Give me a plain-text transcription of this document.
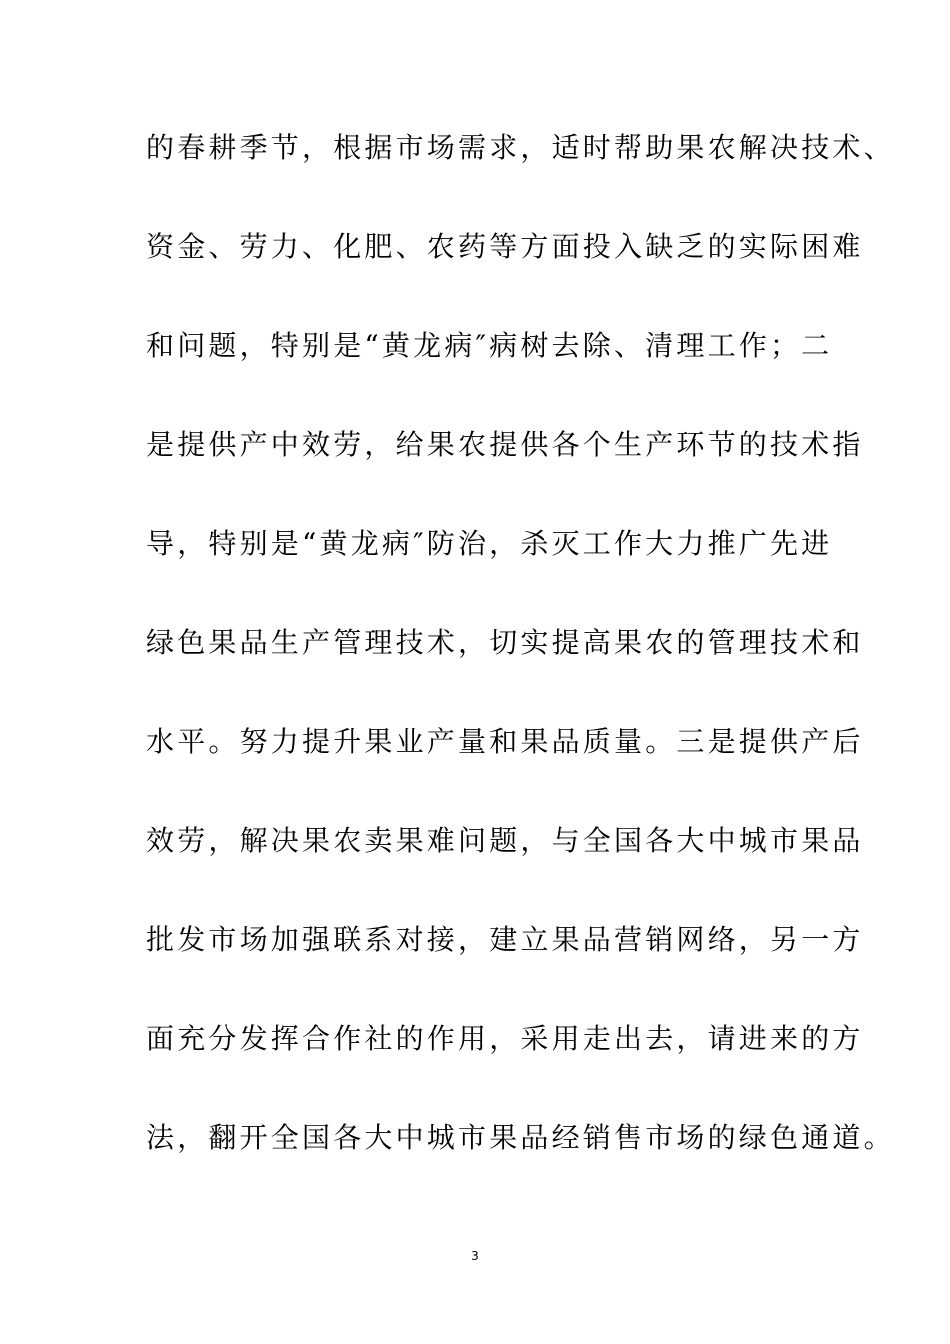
的春耕季节，根据市场需求，适时帮助果农解决技术、
资金、劳力、化肥、农药等方面投入缺乏的实际困难
和问题，特别是“黄龙病″病树去除、清理工作；二
是提供产中效劳，给果农提供各个生产环节的技术指
导，特别是“黄龙病″防治，杀灭工作大力推广先进
绿色果品生产管理技术，切实提高果农的管理技术和
水平。努力提升果业产量和果品质量。三是提供产后
效劳，解决果农卖果难问题，与全国各大中城市果品
批发市场加强联系对接，建立果品营销网络，另一方
面充分发挥合作社的作用，采用走出去，请进来的方
法，翻开全国各大中城市果品经销售市场的绿色通道。
3
